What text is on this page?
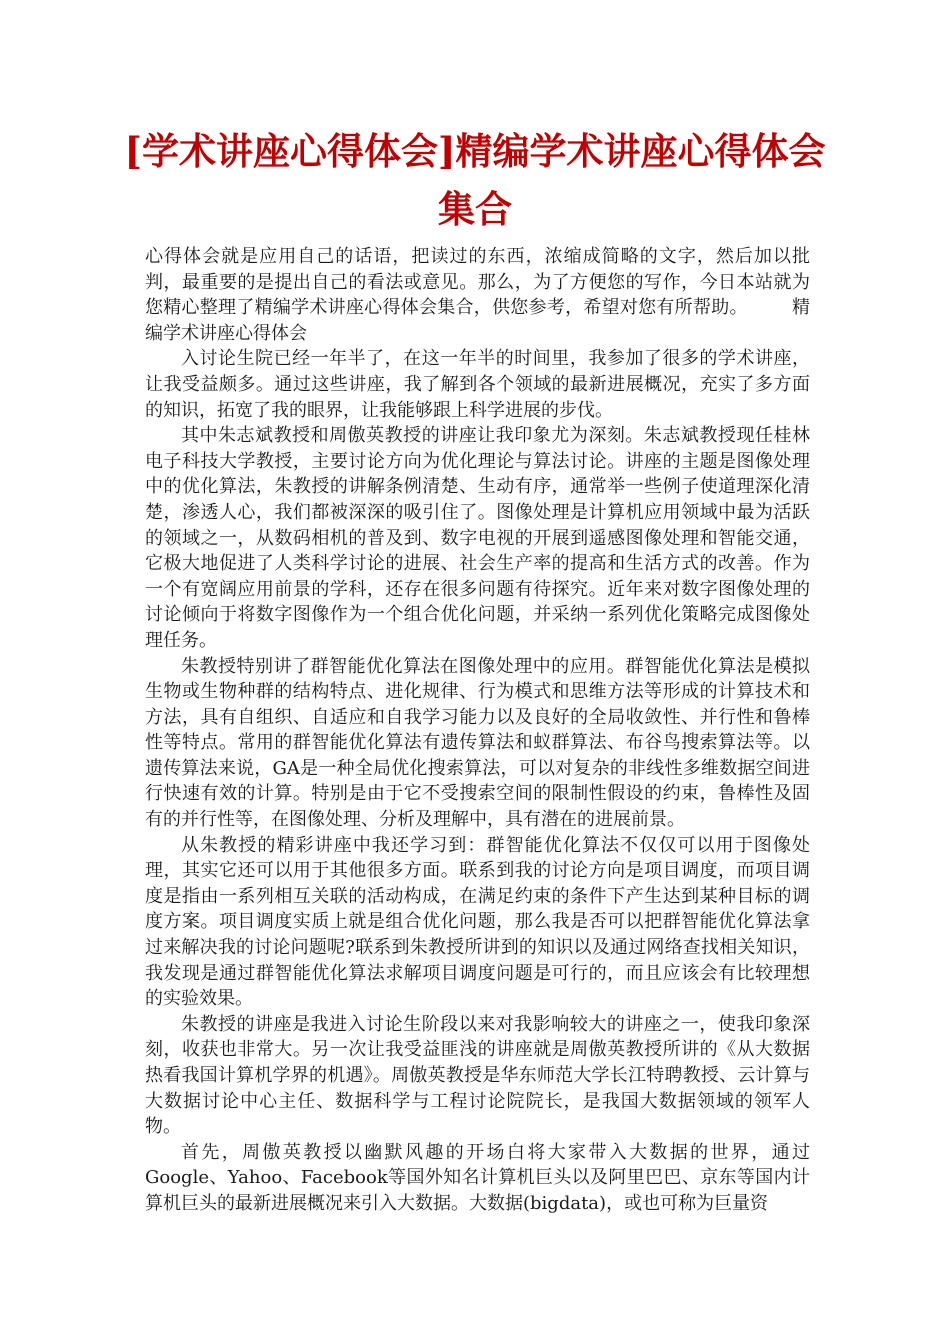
[学术讲座心得体会]精编学术讲座心得体会集合

心得体会就是应用自己的话语，把读过的东西，浓缩成简略的文字，然后加以批判，最重要的是提出自己的看法或意见。那么，为了方便您的写作，今日本站就为您精心整理了精编学术讲座心得体会集合，供您参考，希望对您有所帮助。 精编学术讲座心得体会

入讨论生院已经一年半了，在这一年半的时间里，我参加了很多的学术讲座，让我受益颇多。通过这些讲座，我了解到各个领域的最新进展概况，充实了多方面的知识，拓宽了我的眼界，让我能够跟上科学进展的步伐。

其中朱志斌教授和周傲英教授的讲座让我印象尤为深刻。朱志斌教授现任桂林电子科技大学教授，主要讨论方向为优化理论与算法讨论。讲座的主题是图像处理中的优化算法，朱教授的讲解条例清楚、生动有序，通常举一些例子使道理深化清楚，渗透人心，我们都被深深的吸引住了。图像处理是计算机应用领域中最为活跃的领域之一，从数码相机的普及到、数字电视的开展到遥感图像处理和智能交通，它极大地促进了人类科学讨论的进展、社会生产率的提高和生活方式的改善。作为一个有宽阔应用前景的学科，还存在很多问题有待探究。近年来对数字图像处理的讨论倾向于将数字图像作为一个组合优化问题，并采纳一系列优化策略完成图像处理任务。

朱教授特别讲了群智能优化算法在图像处理中的应用。群智能优化算法是模拟生物或生物种群的结构特点、进化规律、行为模式和思维方法等形成的计算技术和方法，具有自组织、自适应和自我学习能力以及良好的全局收敛性、并行性和鲁棒性等特点。常用的群智能优化算法有遗传算法和蚁群算法、布谷鸟搜索算法等。以遗传算法来说，GA是一种全局优化搜索算法，可以对复杂的非线性多维数据空间进行快速有效的计算。特别是由于它不受搜索空间的限制性假设的约束，鲁棒性及固有的并行性等，在图像处理、分析及理解中，具有潜在的进展前景。

从朱教授的精彩讲座中我还学习到：群智能优化算法不仅仅可以用于图像处理，其实它还可以用于其他很多方面。联系到我的讨论方向是项目调度，而项目调度是指由一系列相互关联的活动构成，在满足约束的条件下产生达到某种目标的调度方案。项目调度实质上就是组合优化问题，那么我是否可以把群智能优化算法拿过来解决我的讨论问题呢?联系到朱教授所讲到的知识以及通过网络查找相关知识，我发现是通过群智能优化算法求解项目调度问题是可行的，而且应该会有比较理想的实验效果。

朱教授的讲座是我进入讨论生阶段以来对我影响较大的讲座之一，使我印象深刻，收获也非常大。另一次让我受益匪浅的讲座就是周傲英教授所讲的《从大数据热看我国计算机学界的机遇》。周傲英教授是华东师范大学长江特聘教授、云计算与大数据讨论中心主任、数据科学与工程讨论院院长，是我国大数据领域的领军人物。

首先，周傲英教授以幽默风趣的开场白将大家带入大数据的世界，通过Google、Yahoo、Facebook等国外知名计算机巨头以及阿里巴巴、京东等国内计算机巨头的最新进展概况来引入大数据。大数据(bigdata)，或也可称为巨量资
